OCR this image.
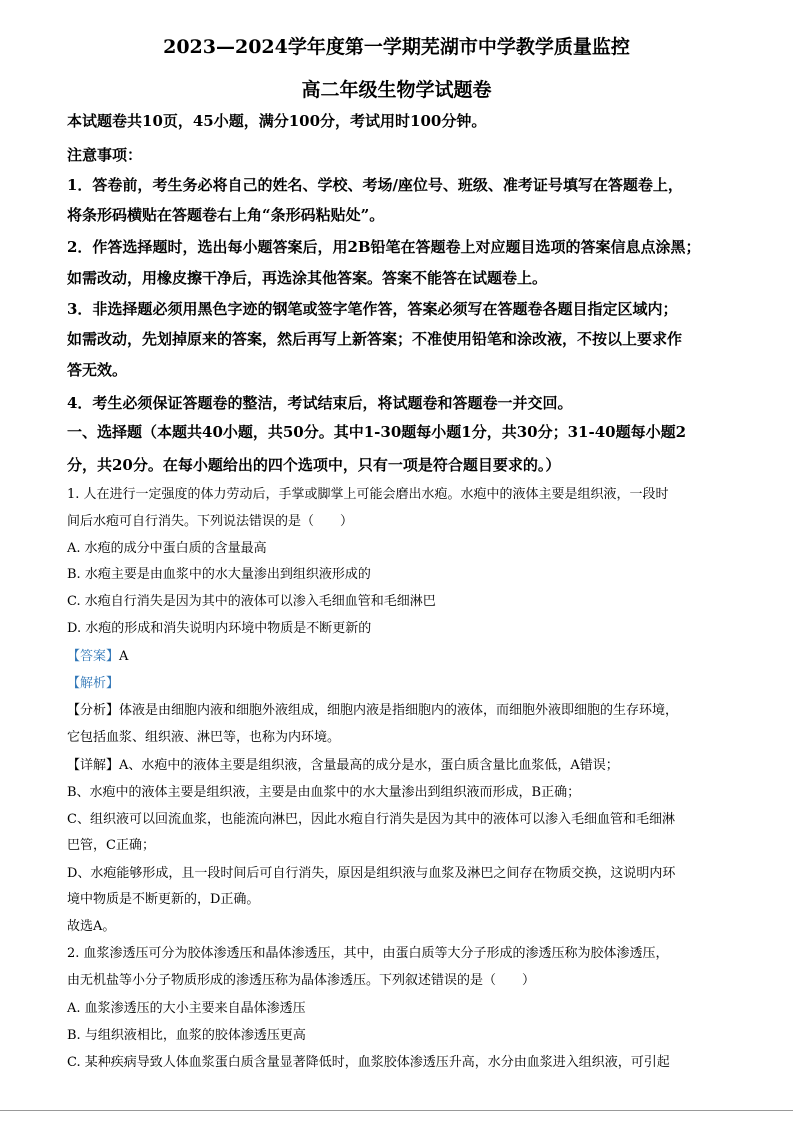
2023—2024学年度第一学期芜湖市中学教学质量监控
高二年级生物学试题卷
本试题卷共10页，45小题，满分100分，考试用时100分钟。
注意事项：
1．答卷前，考生务必将自己的姓名、学校、考场/座位号、班级、准考证号填写在答题卷上，
将条形码横贴在答题卷右上角“条形码粘贴处”。
2．作答选择题时，选出每小题答案后，用2B铅笔在答题卷上对应题目选项的答案信息点涂黑；
如需改动，用橡皮擦干净后，再选涂其他答案。答案不能答在试题卷上。
3．非选择题必须用黑色字迹的钢笔或签字笔作答，答案必须写在答题卷各题目指定区域内；
如需改动，先划掉原来的答案，然后再写上新答案；不准使用铅笔和涂改液，不按以上要求作
答无效。
4．考生必须保证答题卷的整洁，考试结束后，将试题卷和答题卷一并交回。
一、选择题（本题共40小题，共50分。其中1-30题每小题1分，共30分；31-40题每小题2
分，共20分。在每小题给出的四个选项中，只有一项是符合题目要求的。）
1. 人在进行一定强度的体力劳动后，手掌或脚掌上可能会磨出水疱。水疱中的液体主要是组织液，一段时
间后水疱可自行消失。下列说法错误的是（　　）
A. 水疱的成分中蛋白质的含量最高
B. 水疱主要是由血浆中的水大量渗出到组织液形成的
C. 水疱自行消失是因为其中的液体可以渗入毛细血管和毛细淋巴
D. 水疱的形成和消失说明内环境中物质是不断更新的
【答案】A
【解析】
【分析】体液是由细胞内液和细胞外液组成，细胞内液是指细胞内的液体，而细胞外液即细胞的生存环境，
它包括血浆、组织液、淋巴等，也称为内环境。
【详解】A、水疱中的液体主要是组织液，含量最高的成分是水，蛋白质含量比血浆低，A错误；
B、水疱中的液体主要是组织液，主要是由血浆中的水大量渗出到组织液而形成，B正确；
C、组织液可以回流血浆，也能流向淋巴，因此水疱自行消失是因为其中的液体可以渗入毛细血管和毛细淋
巴管，C正确；
D、水疱能够形成，且一段时间后可自行消失，原因是组织液与血浆及淋巴之间存在物质交换，这说明内环
境中物质是不断更新的，D正确。
故选A。
2. 血浆渗透压可分为胶体渗透压和晶体渗透压，其中，由蛋白质等大分子形成的渗透压称为胶体渗透压，
由无机盐等小分子物质形成的渗透压称为晶体渗透压。下列叙述错误的是（　　）
A. 血浆渗透压的大小主要来自晶体渗透压
B. 与组织液相比，血浆的胶体渗透压更高
C. 某种疾病导致人体血浆蛋白质含量显著降低时，血浆胶体渗透压升高，水分由血浆进入组织液，可引起
